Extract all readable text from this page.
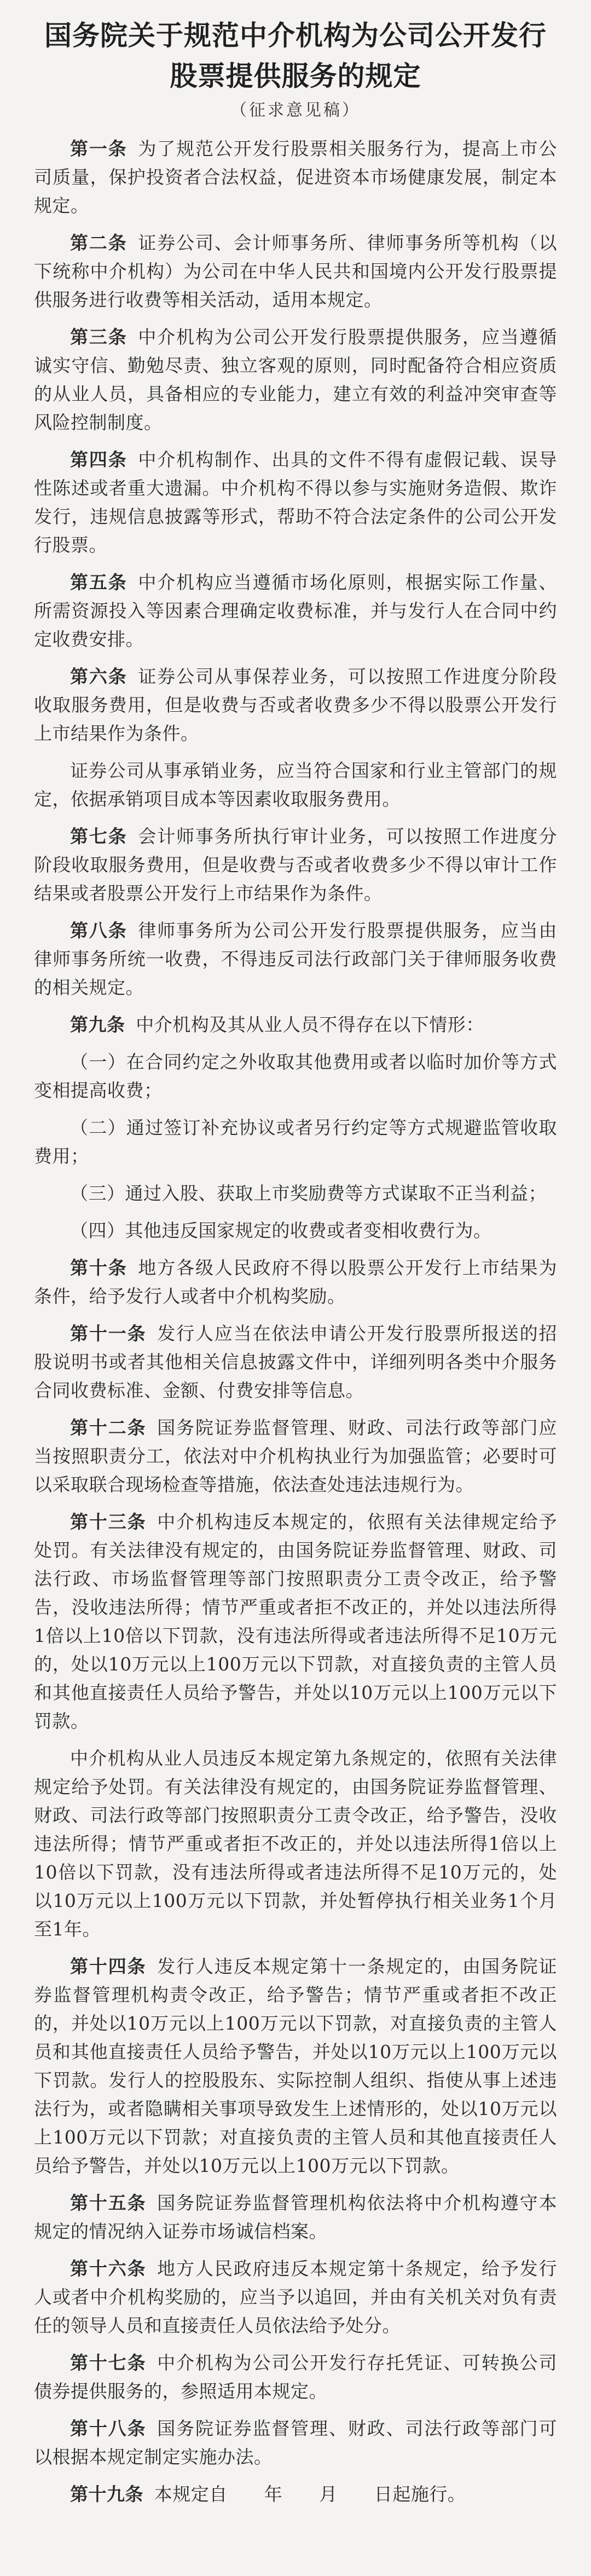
国务院关于规范中介机构为公司公开发行
股票提供服务的规定
（征求意见稿）

第一条 为了规范公开发行股票相关服务行为，提高上市公司质量，保护投资者合法权益，促进资本市场健康发展，制定本规定。

第二条 证券公司、会计师事务所、律师事务所等机构（以下统称中介机构）为公司在中华人民共和国境内公开发行股票提供服务进行收费等相关活动，适用本规定。

第三条 中介机构为公司公开发行股票提供服务，应当遵循诚实守信、勤勉尽责、独立客观的原则，同时配备符合相应资质的从业人员，具备相应的专业能力，建立有效的利益冲突审查等风险控制制度。

第四条 中介机构制作、出具的文件不得有虚假记载、误导性陈述或者重大遗漏。中介机构不得以参与实施财务造假、欺诈发行，违规信息披露等形式，帮助不符合法定条件的公司公开发行股票。

第五条 中介机构应当遵循市场化原则，根据实际工作量、所需资源投入等因素合理确定收费标准，并与发行人在合同中约定收费安排。

第六条 证券公司从事保荐业务，可以按照工作进度分阶段收取服务费用，但是收费与否或者收费多少不得以股票公开发行上市结果作为条件。

证券公司从事承销业务，应当符合国家和行业主管部门的规定，依据承销项目成本等因素收取服务费用。

第七条 会计师事务所执行审计业务，可以按照工作进度分阶段收取服务费用，但是收费与否或者收费多少不得以审计工作结果或者股票公开发行上市结果作为条件。

第八条 律师事务所为公司公开发行股票提供服务，应当由律师事务所统一收费，不得违反司法行政部门关于律师服务收费的相关规定。

第九条 中介机构及其从业人员不得存在以下情形：

（一）在合同约定之外收取其他费用或者以临时加价等方式变相提高收费；

（二）通过签订补充协议或者另行约定等方式规避监管收取费用；

（三）通过入股、获取上市奖励费等方式谋取不正当利益；

（四）其他违反国家规定的收费或者变相收费行为。

第十条 地方各级人民政府不得以股票公开发行上市结果为条件，给予发行人或者中介机构奖励。

第十一条 发行人应当在依法申请公开发行股票所报送的招股说明书或者其他相关信息披露文件中，详细列明各类中介服务合同收费标准、金额、付费安排等信息。

第十二条 国务院证券监督管理、财政、司法行政等部门应当按照职责分工，依法对中介机构执业行为加强监管；必要时可以采取联合现场检查等措施，依法查处违法违规行为。

第十三条 中介机构违反本规定的，依照有关法律规定给予处罚。有关法律没有规定的，由国务院证券监督管理、财政、司法行政、市场监督管理等部门按照职责分工责令改正，给予警告，没收违法所得；情节严重或者拒不改正的，并处以违法所得1倍以上10倍以下罚款，没有违法所得或者违法所得不足10万元的，处以10万元以上100万元以下罚款，对直接负责的主管人员和其他直接责任人员给予警告，并处以10万元以上100万元以下罚款。

中介机构从业人员违反本规定第九条规定的，依照有关法律规定给予处罚。有关法律没有规定的，由国务院证券监督管理、财政、司法行政等部门按照职责分工责令改正，给予警告，没收违法所得；情节严重或者拒不改正的，并处以违法所得1倍以上10倍以下罚款，没有违法所得或者违法所得不足10万元的，处以10万元以上100万元以下罚款，并处暂停执行相关业务1个月至1年。

第十四条 发行人违反本规定第十一条规定的，由国务院证券监督管理机构责令改正，给予警告；情节严重或者拒不改正的，并处以10万元以上100万元以下罚款，对直接负责的主管人员和其他直接责任人员给予警告，并处以10万元以上100万元以下罚款。发行人的控股股东、实际控制人组织、指使从事上述违法行为，或者隐瞒相关事项导致发生上述情形的，处以10万元以上100万元以下罚款；对直接负责的主管人员和其他直接责任人员给予警告，并处以10万元以上100万元以下罚款。

第十五条 国务院证券监督管理机构依法将中介机构遵守本规定的情况纳入证券市场诚信档案。

第十六条 地方人民政府违反本规定第十条规定，给予发行人或者中介机构奖励的，应当予以追回，并由有关机关对负有责任的领导人员和直接责任人员依法给予处分。

第十七条 中介机构为公司公开发行存托凭证、可转换公司债券提供服务的，参照适用本规定。

第十八条 国务院证券监督管理、财政、司法行政等部门可以根据本规定制定实施办法。

第十九条 本规定自　　年　　月　　日起施行。
